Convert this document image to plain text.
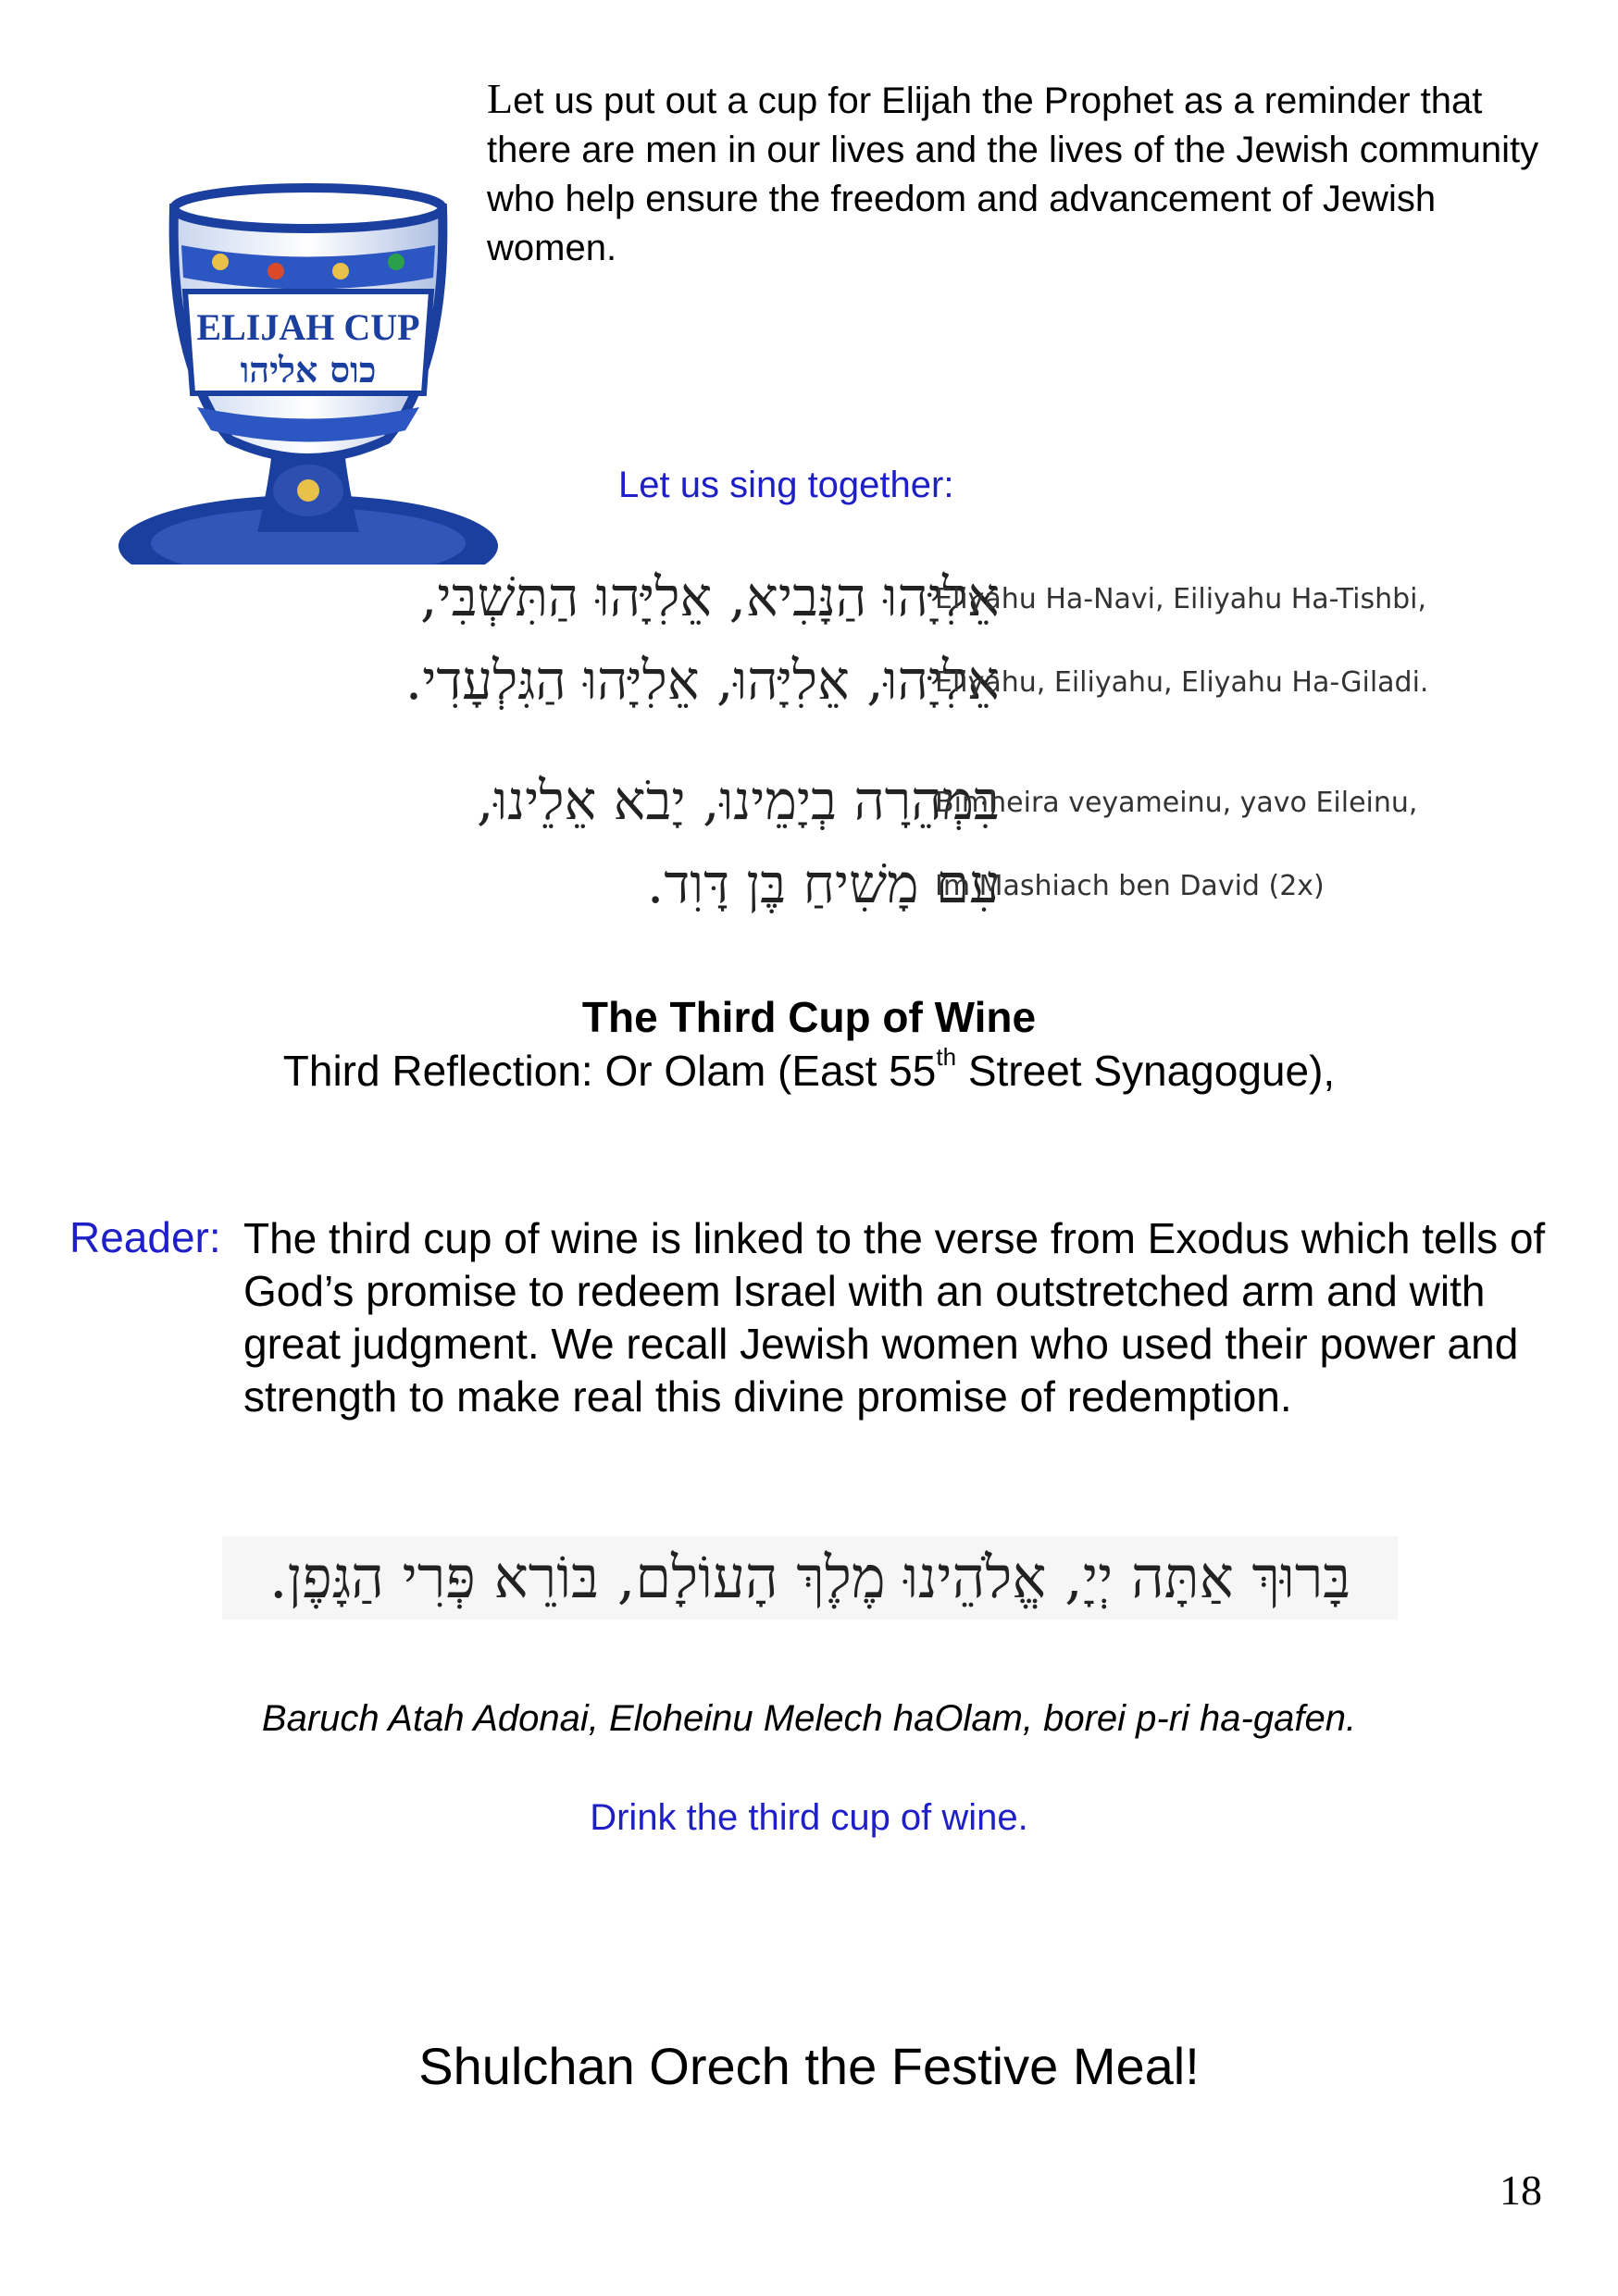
ELIJAH CUP
כוס אליהו
Let us put out a cup for Elijah the Prophet as a reminder that there are men in our lives and the lives of the Jewish community who help ensure the freedom and advancement of Jewish women.
Let us sing together:
אֵלִיָּהוּ הַנָּבִיא, אֵלִיָּהוּ הַתִּשְׁבִּי,
Eliyahu Ha-Navi, Eiliyahu Ha-Tishbi,
אֵלִיָּהוּ, אֵלִיָּהוּ, אֵלִיָּהוּ הַגִּלְעָדִי.
Eliyahu, Eiliyahu, Eliyahu Ha-Giladi.
בִּמְהֵרָה בְיָמֵינוּ, יָבֹא אֵלֵינוּ,
Bimheira veyameinu, yavo Eileinu,
עִם מָשִׁיחַ בֶּן דָּוִד.
Im Mashiach ben David (2x)
The Third Cup of Wine
Third Reflection: Or Olam (East 55th Street Synagogue),
Reader: The third cup of wine is linked to the verse from Exodus which tells of God’s promise to redeem Israel with an outstretched arm and with great judgment. We recall Jewish women who used their power and strength to make real this divine promise of redemption.
בָּרוּךְ אַתָּה יְיָ, אֱלֹהֵינוּ מֶלֶךְ הָעוֹלָם, בּוֹרֵא פְּרִי הַגָּפֶן.
Baruch Atah Adonai, Eloheinu Melech haOlam, borei p-ri ha-gafen.
Drink the third cup of wine.
Shulchan Orech the Festive Meal!
18
